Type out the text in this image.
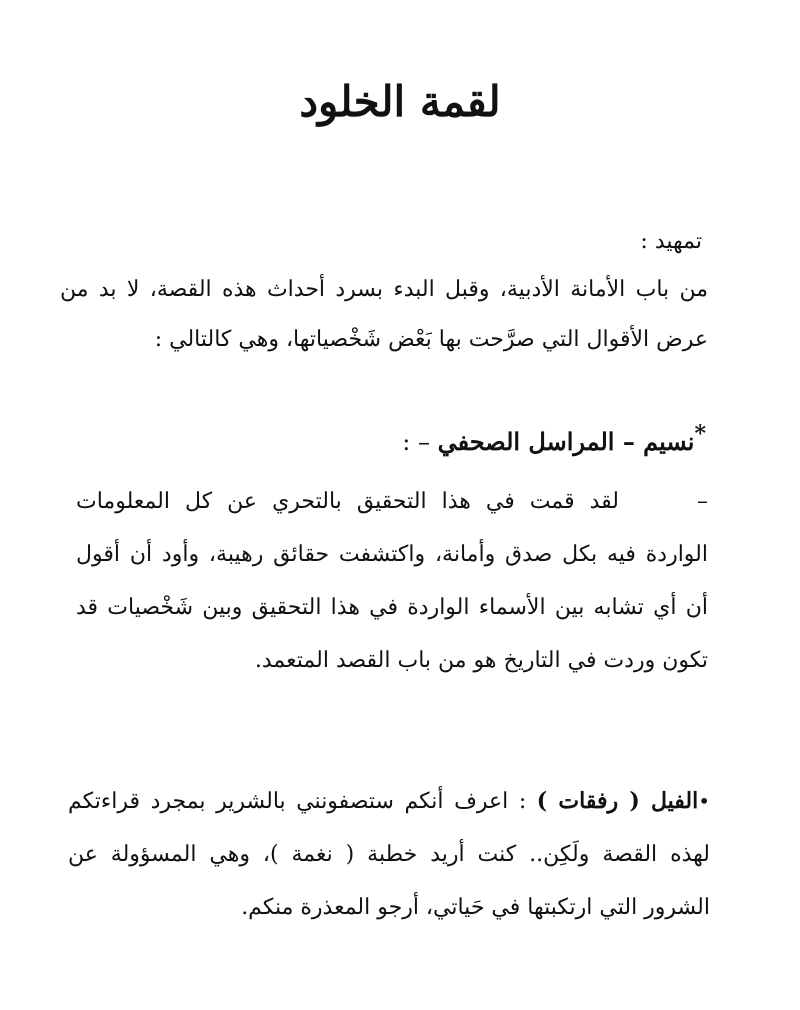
لقمة الخلود
تمهيد :
من باب الأمانة الأدبية، وقبل البدء بسرد أحداث هذه القصة، لا بد من عرض الأقوال التي صرَّحت بها بَعْض شَخْصياتها، وهي كالتالي :
*نسيم – المراسل الصحفي – :
–لقد قمت في هذا التحقيق بالتحري عن كل المعلومات الواردة فيه بكل صدق وأمانة، واكتشفت حقائق رهيبة، وأود أن أقول أن أي تشابه بين الأسماء الواردة في هذا التحقيق وبين شَخْصيات قد تكون وردت في التاريخ هو من باب القصد المتعمد.
•الفيل ( رفقات ) : اعرف أنكم ستصفونني بالشرير بمجرد قراءتكم لهذه القصة ولَكِن.. كنت أريد خطبة ( نغمة )، وهي المسؤولة عن الشرور التي ارتكبتها في حَياتي، أرجو المعذرة منكم.
